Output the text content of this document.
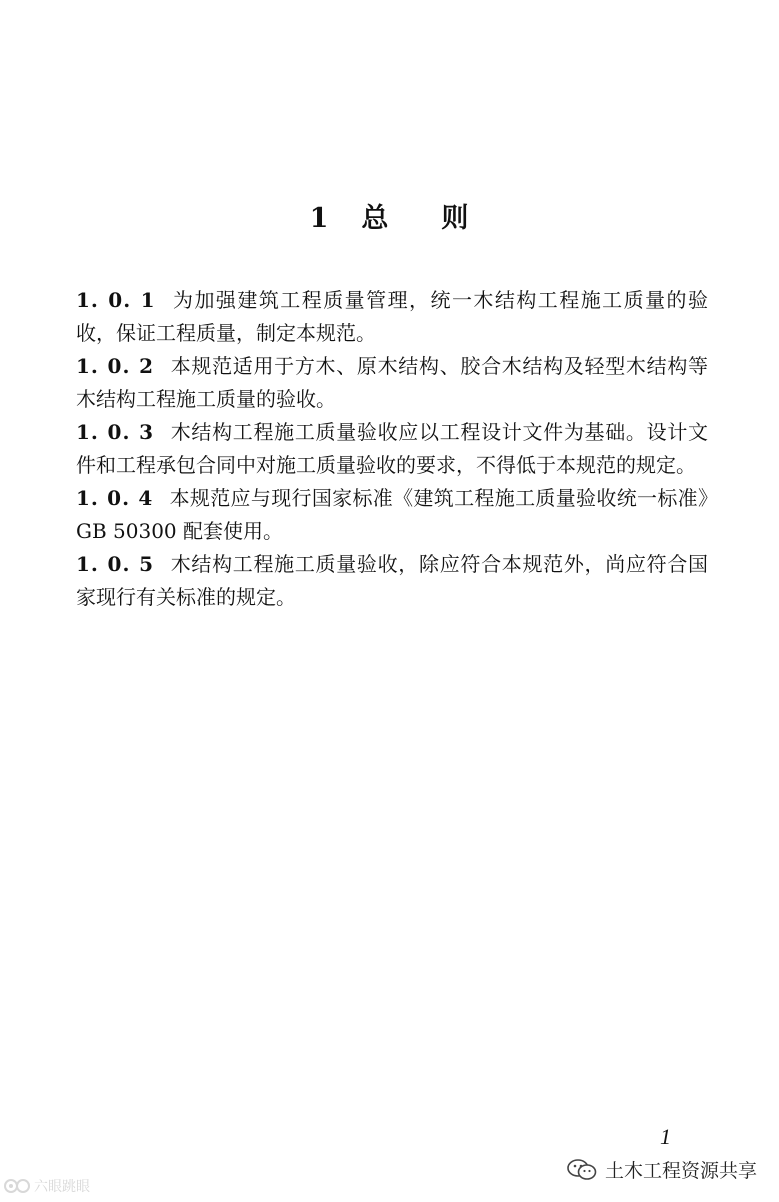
1 总 则

1. 0. 1 为加强建筑工程质量管理，统一木结构工程施工质量的验收，保证工程质量，制定本规范。

1. 0. 2 本规范适用于方木、原木结构、胶合木结构及轻型木结构等木结构工程施工质量的验收。

1. 0. 3 木结构工程施工质量验收应以工程设计文件为基础。设计文件和工程承包合同中对施工质量验收的要求，不得低于本规范的规定。

1. 0. 4 本规范应与现行国家标准《建筑工程施工质量验收统一标准》GB 50300 配套使用。

1. 0. 5 木结构工程施工质量验收，除应符合本规范外，尚应符合国家现行有关标准的规定。

1
六眼跳眼
土木工程资源共享
